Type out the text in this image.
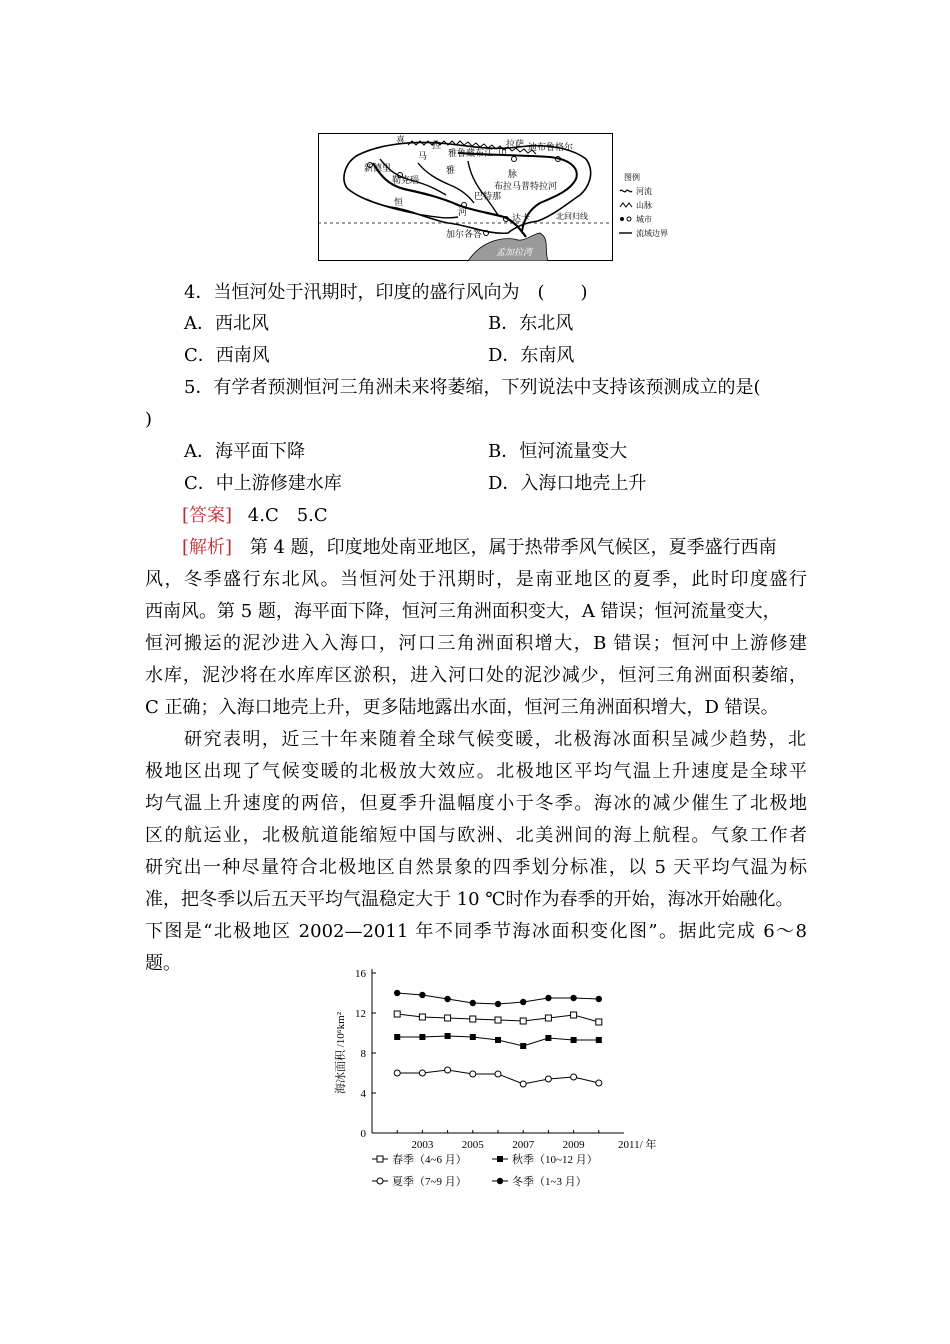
喜	拉
雅鲁藏布江 山
拉萨 迪布鲁格尔
马
雅
新德里
勒克瑙
恒
脉
巴特那
布拉马普特拉河
河
达卡	北回归线
加尔各答
孟加拉湾
图例
河流
山脉
城市
流域边界
4．当恒河处于汛期时，印度的盛行风向为　(　　)
A．西北风	B．东北风
C．西南风	D．东南风
5．有学者预测恒河三角洲未来将萎缩，下列说法中支持该预测成立的是(
)
A．海平面下降	B．恒河流量变大
C．中上游修建水库	D．入海口地壳上升
[答案] 4.C　5.C
[解析] 第 4 题，印度地处南亚地区，属于热带季风气候区，夏季盛行西南
风，冬季盛行东北风。当恒河处于汛期时，是南亚地区的夏季，此时印度盛行
西南风。第 5 题，海平面下降，恒河三角洲面积变大，A 错误；恒河流量变大，
恒河搬运的泥沙进入入海口，河口三角洲面积增大，B 错误；恒河中上游修建
水库，泥沙将在水库库区淤积，进入河口处的泥沙减少，恒河三角洲面积萎缩，
C 正确；入海口地壳上升，更多陆地露出水面，恒河三角洲面积增大，D 错误。
研究表明，近三十年来随着全球气候变暖，北极海冰面积呈减少趋势，北
极地区出现了气候变暖的北极放大效应。北极地区平均气温上升速度是全球平
均气温上升速度的两倍，但夏季升温幅度小于冬季。海冰的减少催生了北极地
区的航运业，北极航道能缩短中国与欧洲、北美洲间的海上航程。气象工作者
研究出一种尽量符合北极地区自然景象的四季划分标准，以 5 天平均气温为标
准，把冬季以后五天平均气温稳定大于 10 ℃时作为春季的开始，海冰开始融化。
下图是“北极地区 2002—2011 年不同季节海冰面积变化图”。据此完成 6～8
题。
0
4
8
12
16
2003	2005	2007	2009	2011/ 年
海冰面积 /10⁶km²
春季（4~6 月）	秋季（10~12 月）
夏季（7~9 月）	冬季（1~3 月）
